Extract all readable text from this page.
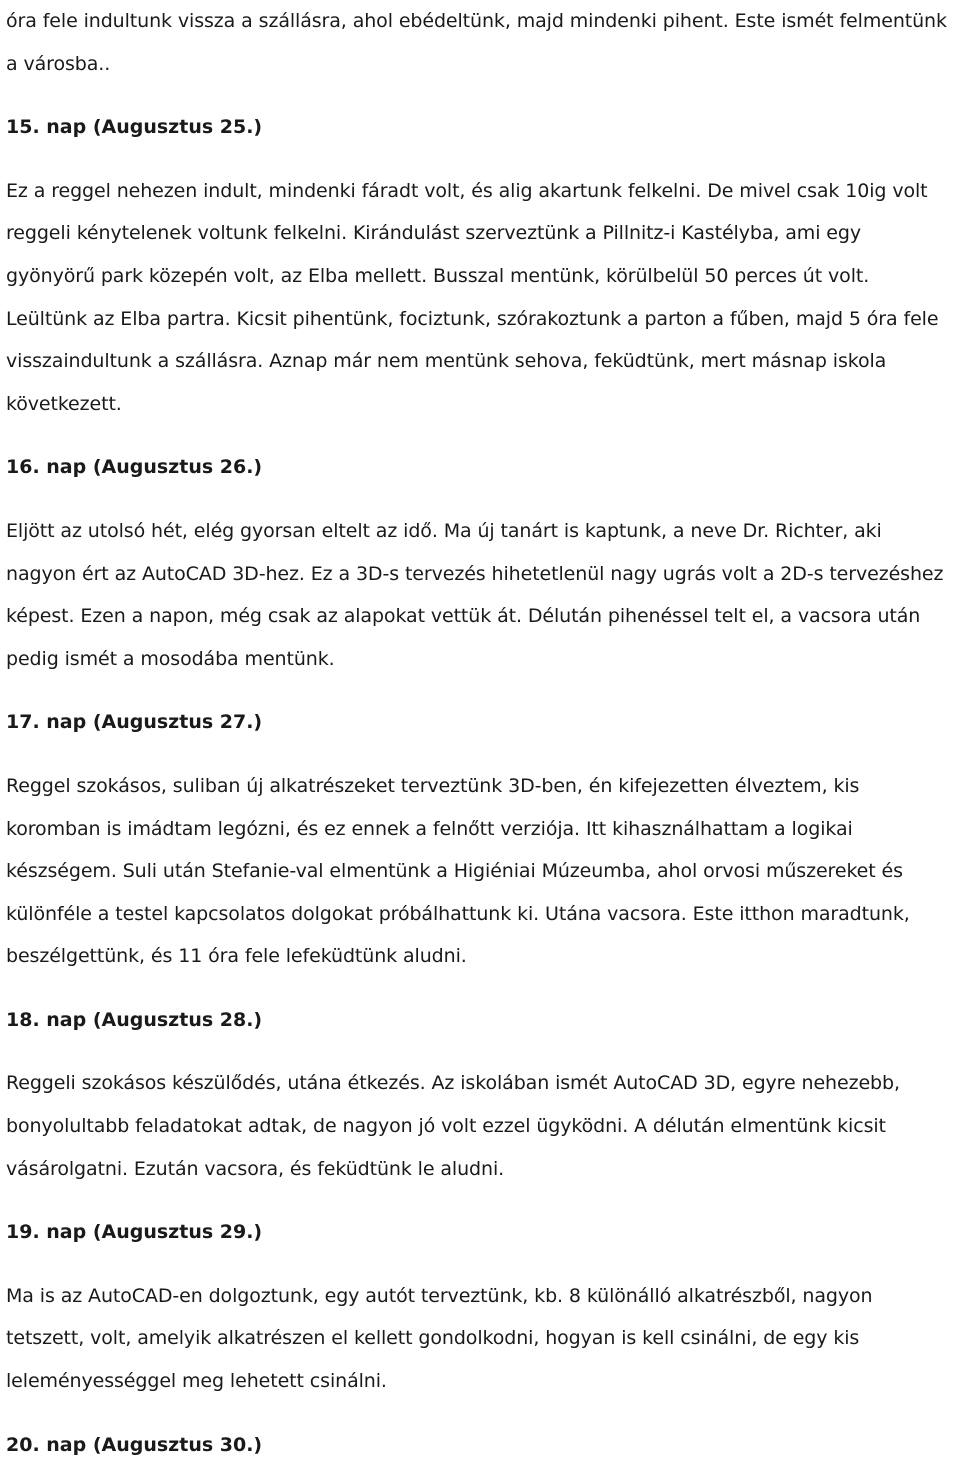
óra fele indultunk vissza a szállásra, ahol ebédeltünk, majd mindenki pihent. Este ismét felmentünk a városba..

15. nap (Augusztus 25.)

Ez a reggel nehezen indult, mindenki fáradt volt, és alig akartunk felkelni. De mivel csak 10ig volt reggeli kénytelenek voltunk felkelni. Kirándulást szerveztünk a Pillnitz-i Kastélyba, ami egy gyönyörű park közepén volt, az Elba mellett. Busszal mentünk, körülbelül 50 perces út volt. Leültünk az Elba partra. Kicsit pihentünk, fociztunk, szórakoztunk a parton a fűben, majd 5 óra fele visszaindultunk a szállásra. Aznap már nem mentünk sehova, feküdtünk, mert másnap iskola következett.

16. nap (Augusztus 26.)

Eljött az utolsó hét, elég gyorsan eltelt az idő. Ma új tanárt is kaptunk, a neve Dr. Richter, aki nagyon ért az AutoCAD 3D-hez. Ez a 3D-s tervezés hihetetlenül nagy ugrás volt a 2D-s tervezéshez képest. Ezen a napon, még csak az alapokat vettük át. Délután pihenéssel telt el, a vacsora után pedig ismét a mosodába mentünk.

17. nap (Augusztus 27.)

Reggel szokásos, suliban új alkatrészeket terveztünk 3D-ben, én kifejezetten élveztem, kis koromban is imádtam legózni, és ez ennek a felnőtt verziója. Itt kihasználhattam a logikai készségem. Suli után Stefanie-val elmentünk a Higiéniai Múzeumba, ahol orvosi műszereket és különféle a testel kapcsolatos dolgokat próbálhattunk ki. Utána vacsora. Este itthon maradtunk, beszélgettünk, és 11 óra fele lefeküdtünk aludni.

18. nap (Augusztus 28.)

Reggeli szokásos készülődés, utána étkezés. Az iskolában ismét AutoCAD 3D, egyre nehezebb, bonyolultabb feladatokat adtak, de nagyon jó volt ezzel ügyködni. A délután elmentünk kicsit vásárolgatni. Ezután vacsora, és feküdtünk le aludni.

19. nap (Augusztus 29.)

Ma is az AutoCAD-en dolgoztunk, egy autót terveztünk, kb. 8 különálló alkatrészből, nagyon tetszett, volt, amelyik alkatrészen el kellett gondolkodni, hogyan is kell csinálni, de egy kis leleményességgel meg lehetett csinálni.

20. nap (Augusztus 30.)
